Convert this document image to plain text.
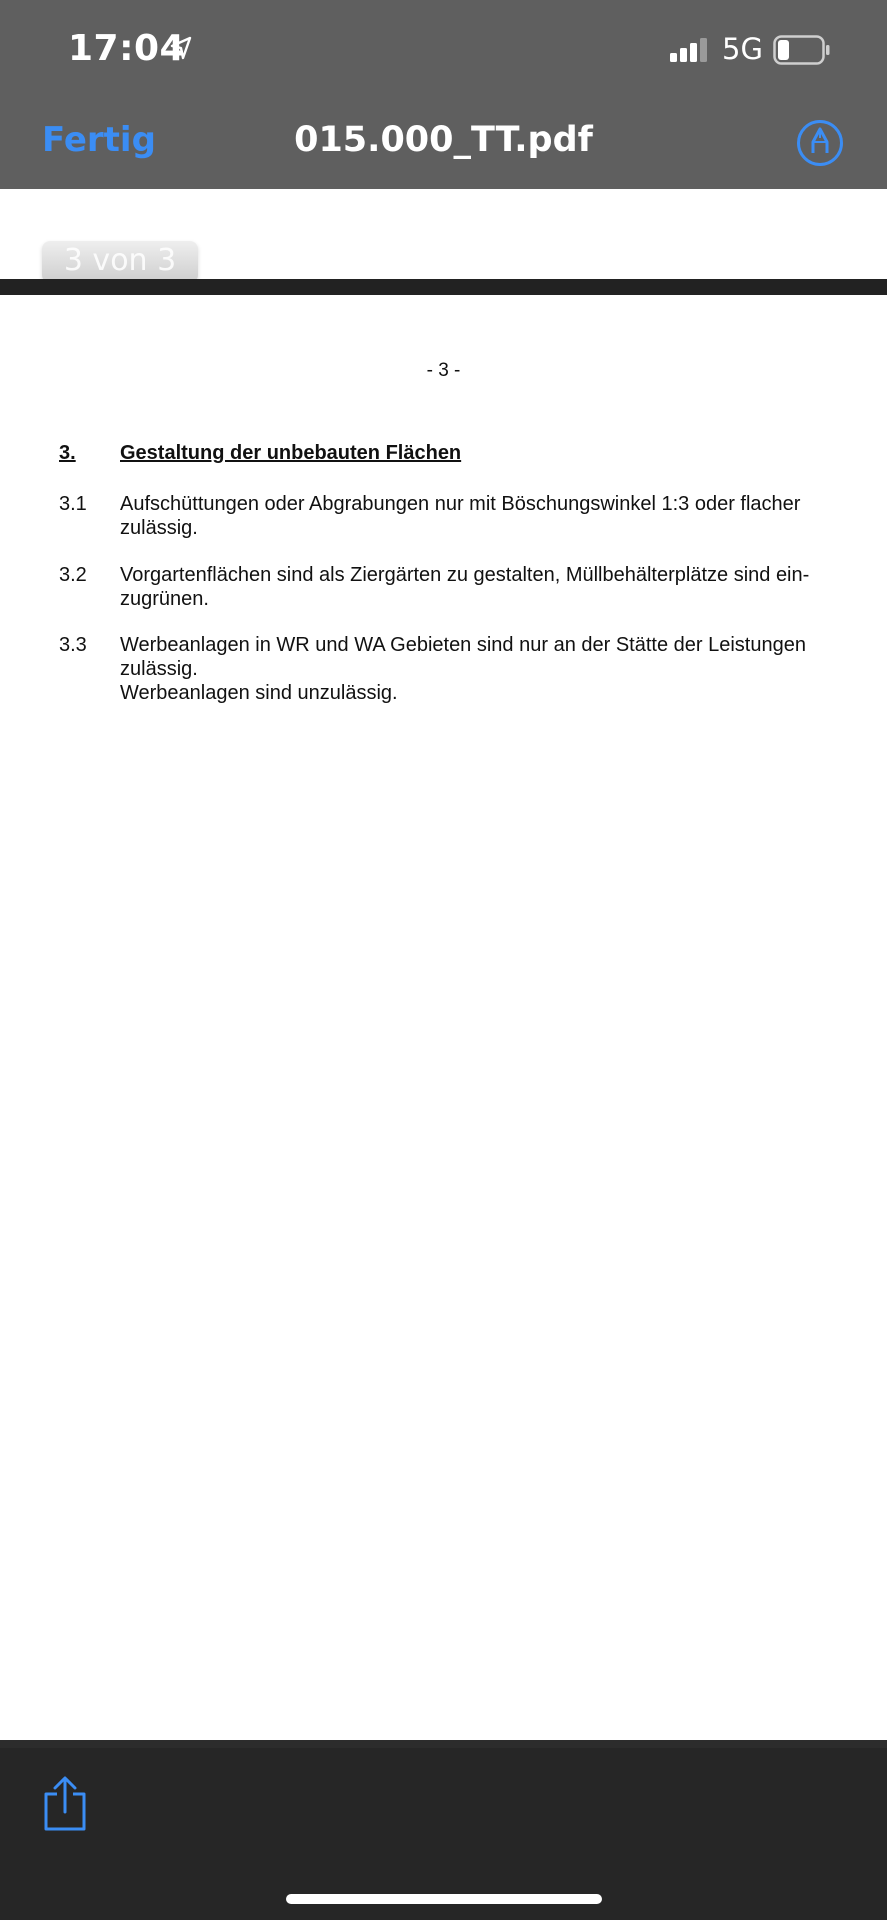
17:04	5G
Fertig	015.000_TT.pdf
3 von 3
- 3 -
3.	Gestaltung der unbebauten Flächen
3.1	Aufschüttungen oder Abgrabungen nur mit Böschungswinkel 1:3 oder flacher
zulässig.
3.2	Vorgartenflächen sind als Ziergärten zu gestalten, Müllbehälterplätze sind ein-
zugrünen.
3.3	Werbeanlagen in WR und WA Gebieten sind nur an der Stätte der Leistungen
zulässig.
Werbeanlagen sind unzulässig.
